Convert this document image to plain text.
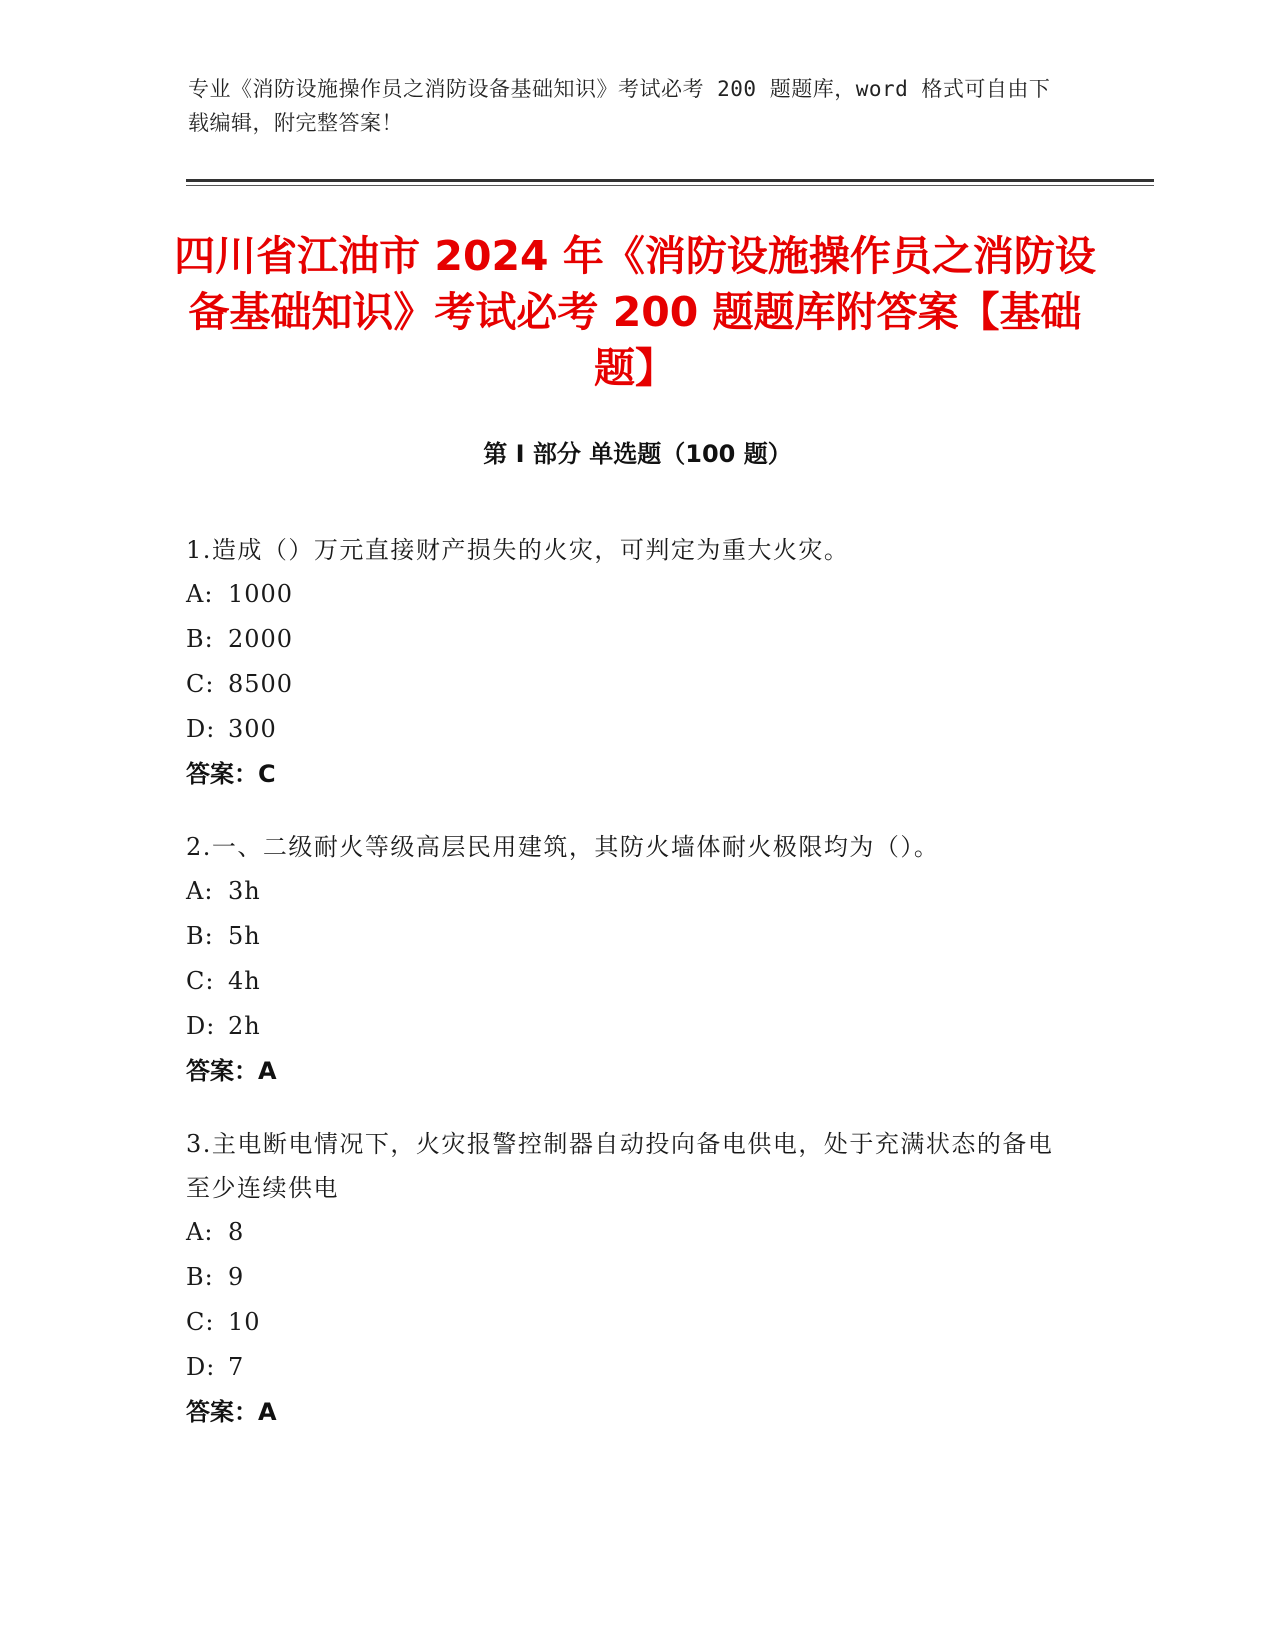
专业《消防设施操作员之消防设备基础知识》考试必考 200 题题库，word 格式可自由下载编辑，附完整答案！
四川省江油市 2024 年《消防设施操作员之消防设备基础知识》考试必考 200 题题库附答案【基础题】
第 I 部分 单选题（100 题）

1.造成（）万元直接财产损失的火灾，可判定为重大火灾。

A: 1000

B: 2000

C: 8500

D: 300

答案：C

2.一、二级耐火等级高层民用建筑，其防火墙体耐火极限均为（）。

A: 3h

B: 5h

C: 4h

D: 2h

答案：A

3.主电断电情况下，火灾报警控制器自动投向备电供电，处于充满状态的备电至少连续供电

A: 8

B: 9

C: 10

D: 7

答案：A
